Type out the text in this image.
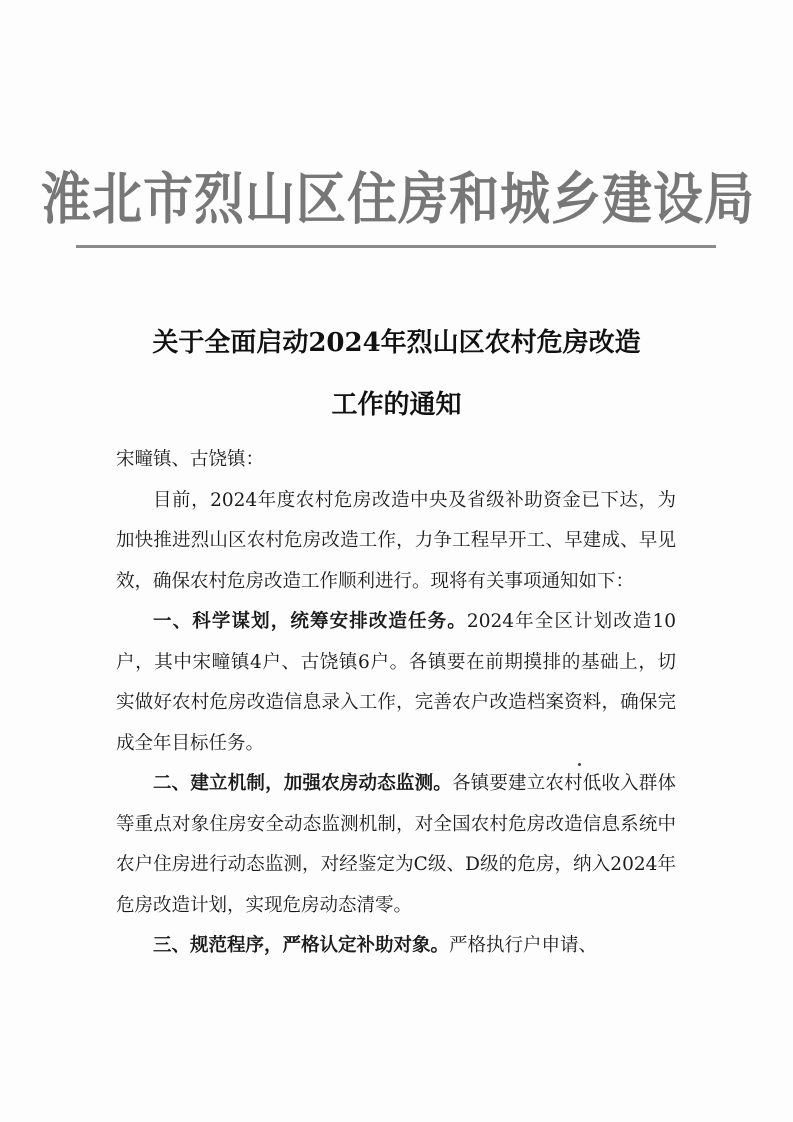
淮北市烈山区住房和城乡建设局
关于全面启动2024年烈山区农村危房改造
工作的通知

宋疃镇、古饶镇：

目前，2024年度农村危房改造中央及省级补助资金已下达，为加快推进烈山区农村危房改造工作，力争工程早开工、早建成、早见效，确保农村危房改造工作顺利进行。现将有关事项通知如下：

一、科学谋划，统筹安排改造任务。2024年全区计划改造10户，其中宋疃镇4户、古饶镇6户。各镇要在前期摸排的基础上，切实做好农村危房改造信息录入工作，完善农户改造档案资料，确保完成全年目标任务。

二、建立机制，加强农房动态监测。各镇要建立农村低收入群体等重点对象住房安全动态监测机制，对全国农村危房改造信息系统中农户住房进行动态监测，对经鉴定为C级、D级的危房，纳入2024年危房改造计划，实现危房动态清零。

三、规范程序，严格认定补助对象。严格执行户申请、
